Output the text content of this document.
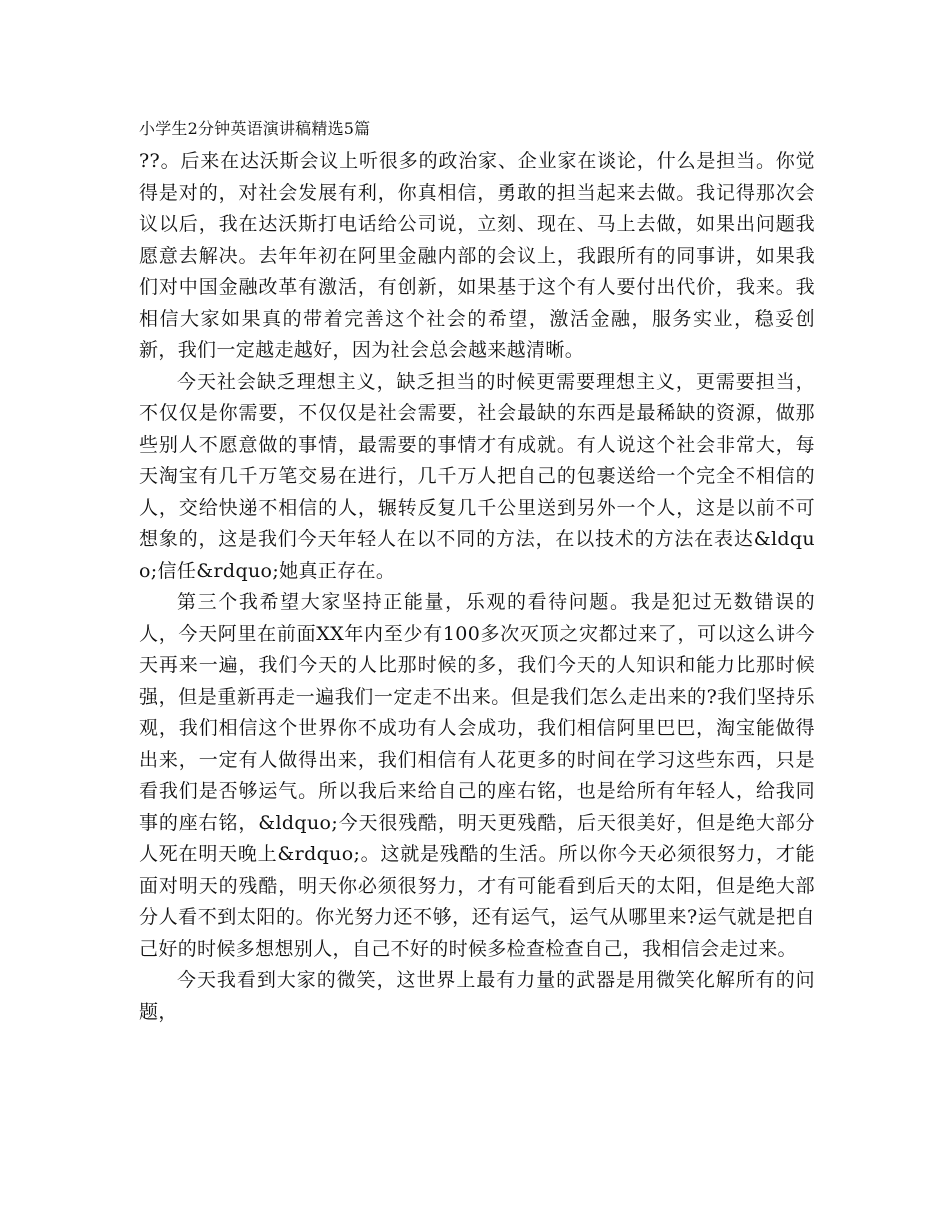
小学生2分钟英语演讲稿精选5篇

??。后来在达沃斯会议上听很多的政治家、企业家在谈论，什么是担当。你觉得是对的，对社会发展有利，你真相信，勇敢的担当起来去做。我记得那次会议以后，我在达沃斯打电话给公司说，立刻、现在、马上去做，如果出问题我愿意去解决。去年年初在阿里金融内部的会议上，我跟所有的同事讲，如果我们对中国金融改革有激活，有创新，如果基于这个有人要付出代价，我来。我相信大家如果真的带着完善这个社会的希望，激活金融，服务实业，稳妥创新，我们一定越走越好，因为社会总会越来越清晰。

今天社会缺乏理想主义，缺乏担当的时候更需要理想主义，更需要担当，不仅仅是你需要，不仅仅是社会需要，社会最缺的东西是最稀缺的资源，做那些别人不愿意做的事情，最需要的事情才有成就。有人说这个社会非常大，每天淘宝有几千万笔交易在进行，几千万人把自己的包裹送给一个完全不相信的人，交给快递不相信的人，辗转反复几千公里送到另外一个人，这是以前不可想象的，这是我们今天年轻人在以不同的方法，在以技术的方法在表达&ldquo;信任&rdquo;她真正存在。

第三个我希望大家坚持正能量，乐观的看待问题。我是犯过无数错误的人，今天阿里在前面XX年内至少有100多次灭顶之灾都过来了，可以这么讲今天再来一遍，我们今天的人比那时候的多，我们今天的人知识和能力比那时候强，但是重新再走一遍我们一定走不出来。但是我们怎么走出来的?我们坚持乐观，我们相信这个世界你不成功有人会成功，我们相信阿里巴巴，淘宝能做得出来，一定有人做得出来，我们相信有人花更多的时间在学习这些东西，只是看我们是否够运气。所以我后来给自己的座右铭，也是给所有年轻人，给我同事的座右铭，&ldquo;今天很残酷，明天更残酷，后天很美好，但是绝大部分人死在明天晚上&rdquo;。这就是残酷的生活。所以你今天必须很努力，才能面对明天的残酷，明天你必须很努力，才有可能看到后天的太阳，但是绝大部分人看不到太阳的。你光努力还不够，还有运气，运气从哪里来?运气就是把自己好的时候多想想别人，自己不好的时候多检查检查自己，我相信会走过来。

今天我看到大家的微笑，这世界上最有力量的武器是用微笑化解所有的问题，
